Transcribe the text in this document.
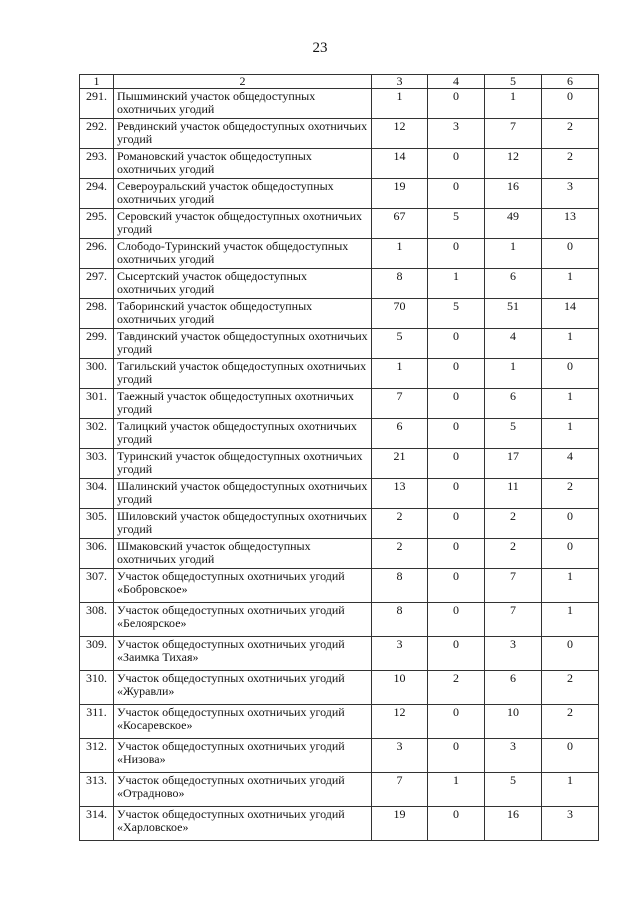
23
1	2	3	4	5	6
291.	Пышминский участок общедоступных охотничьих угодий	1	0	1	0
292.	Ревдинский участок общедоступных охотничьих угодий	12	3	7	2
293.	Романовский участок общедоступных охотничьих угодий	14	0	12	2
294.	Североуральский участок общедоступных охотничьих угодий	19	0	16	3
295.	Серовский участок общедоступных охотничьих угодий	67	5	49	13
296.	Слободо-Туринский участок общедоступных охотничьих угодий	1	0	1	0
297.	Сысертский участок общедоступных охотничьих угодий	8	1	6	1
298.	Таборинский участок общедоступных охотничьих угодий	70	5	51	14
299.	Тавдинский участок общедоступных охотничьих угодий	5	0	4	1
300.	Тагильский участок общедоступных охотничьих угодий	1	0	1	0
301.	Таежный участок общедоступных охотничьих угодий	7	0	6	1
302.	Талицкий участок общедоступных охотничьих угодий	6	0	5	1
303.	Туринский участок общедоступных охотничьих угодий	21	0	17	4
304.	Шалинский участок общедоступных охотничьих угодий	13	0	11	2
305.	Шиловский участок общедоступных охотничьих угодий	2	0	2	0
306.	Шмаковский участок общедоступных охотничьих угодий	2	0	2	0
307.	Участок общедоступных охотничьих угодий «Бобровское»	8	0	7	1
308.	Участок общедоступных охотничьих угодий «Белоярское»	8	0	7	1
309.	Участок общедоступных охотничьих угодий «Заимка Тихая»	3	0	3	0
310.	Участок общедоступных охотничьих угодий «Журавли»	10	2	6	2
311.	Участок общедоступных охотничьих угодий «Косаревское»	12	0	10	2
312.	Участок общедоступных охотничьих угодий «Низова»	3	0	3	0
313.	Участок общедоступных охотничьих угодий «Отрадново»	7	1	5	1
314.	Участок общедоступных охотничьих угодий «Харловское»	19	0	16	3
